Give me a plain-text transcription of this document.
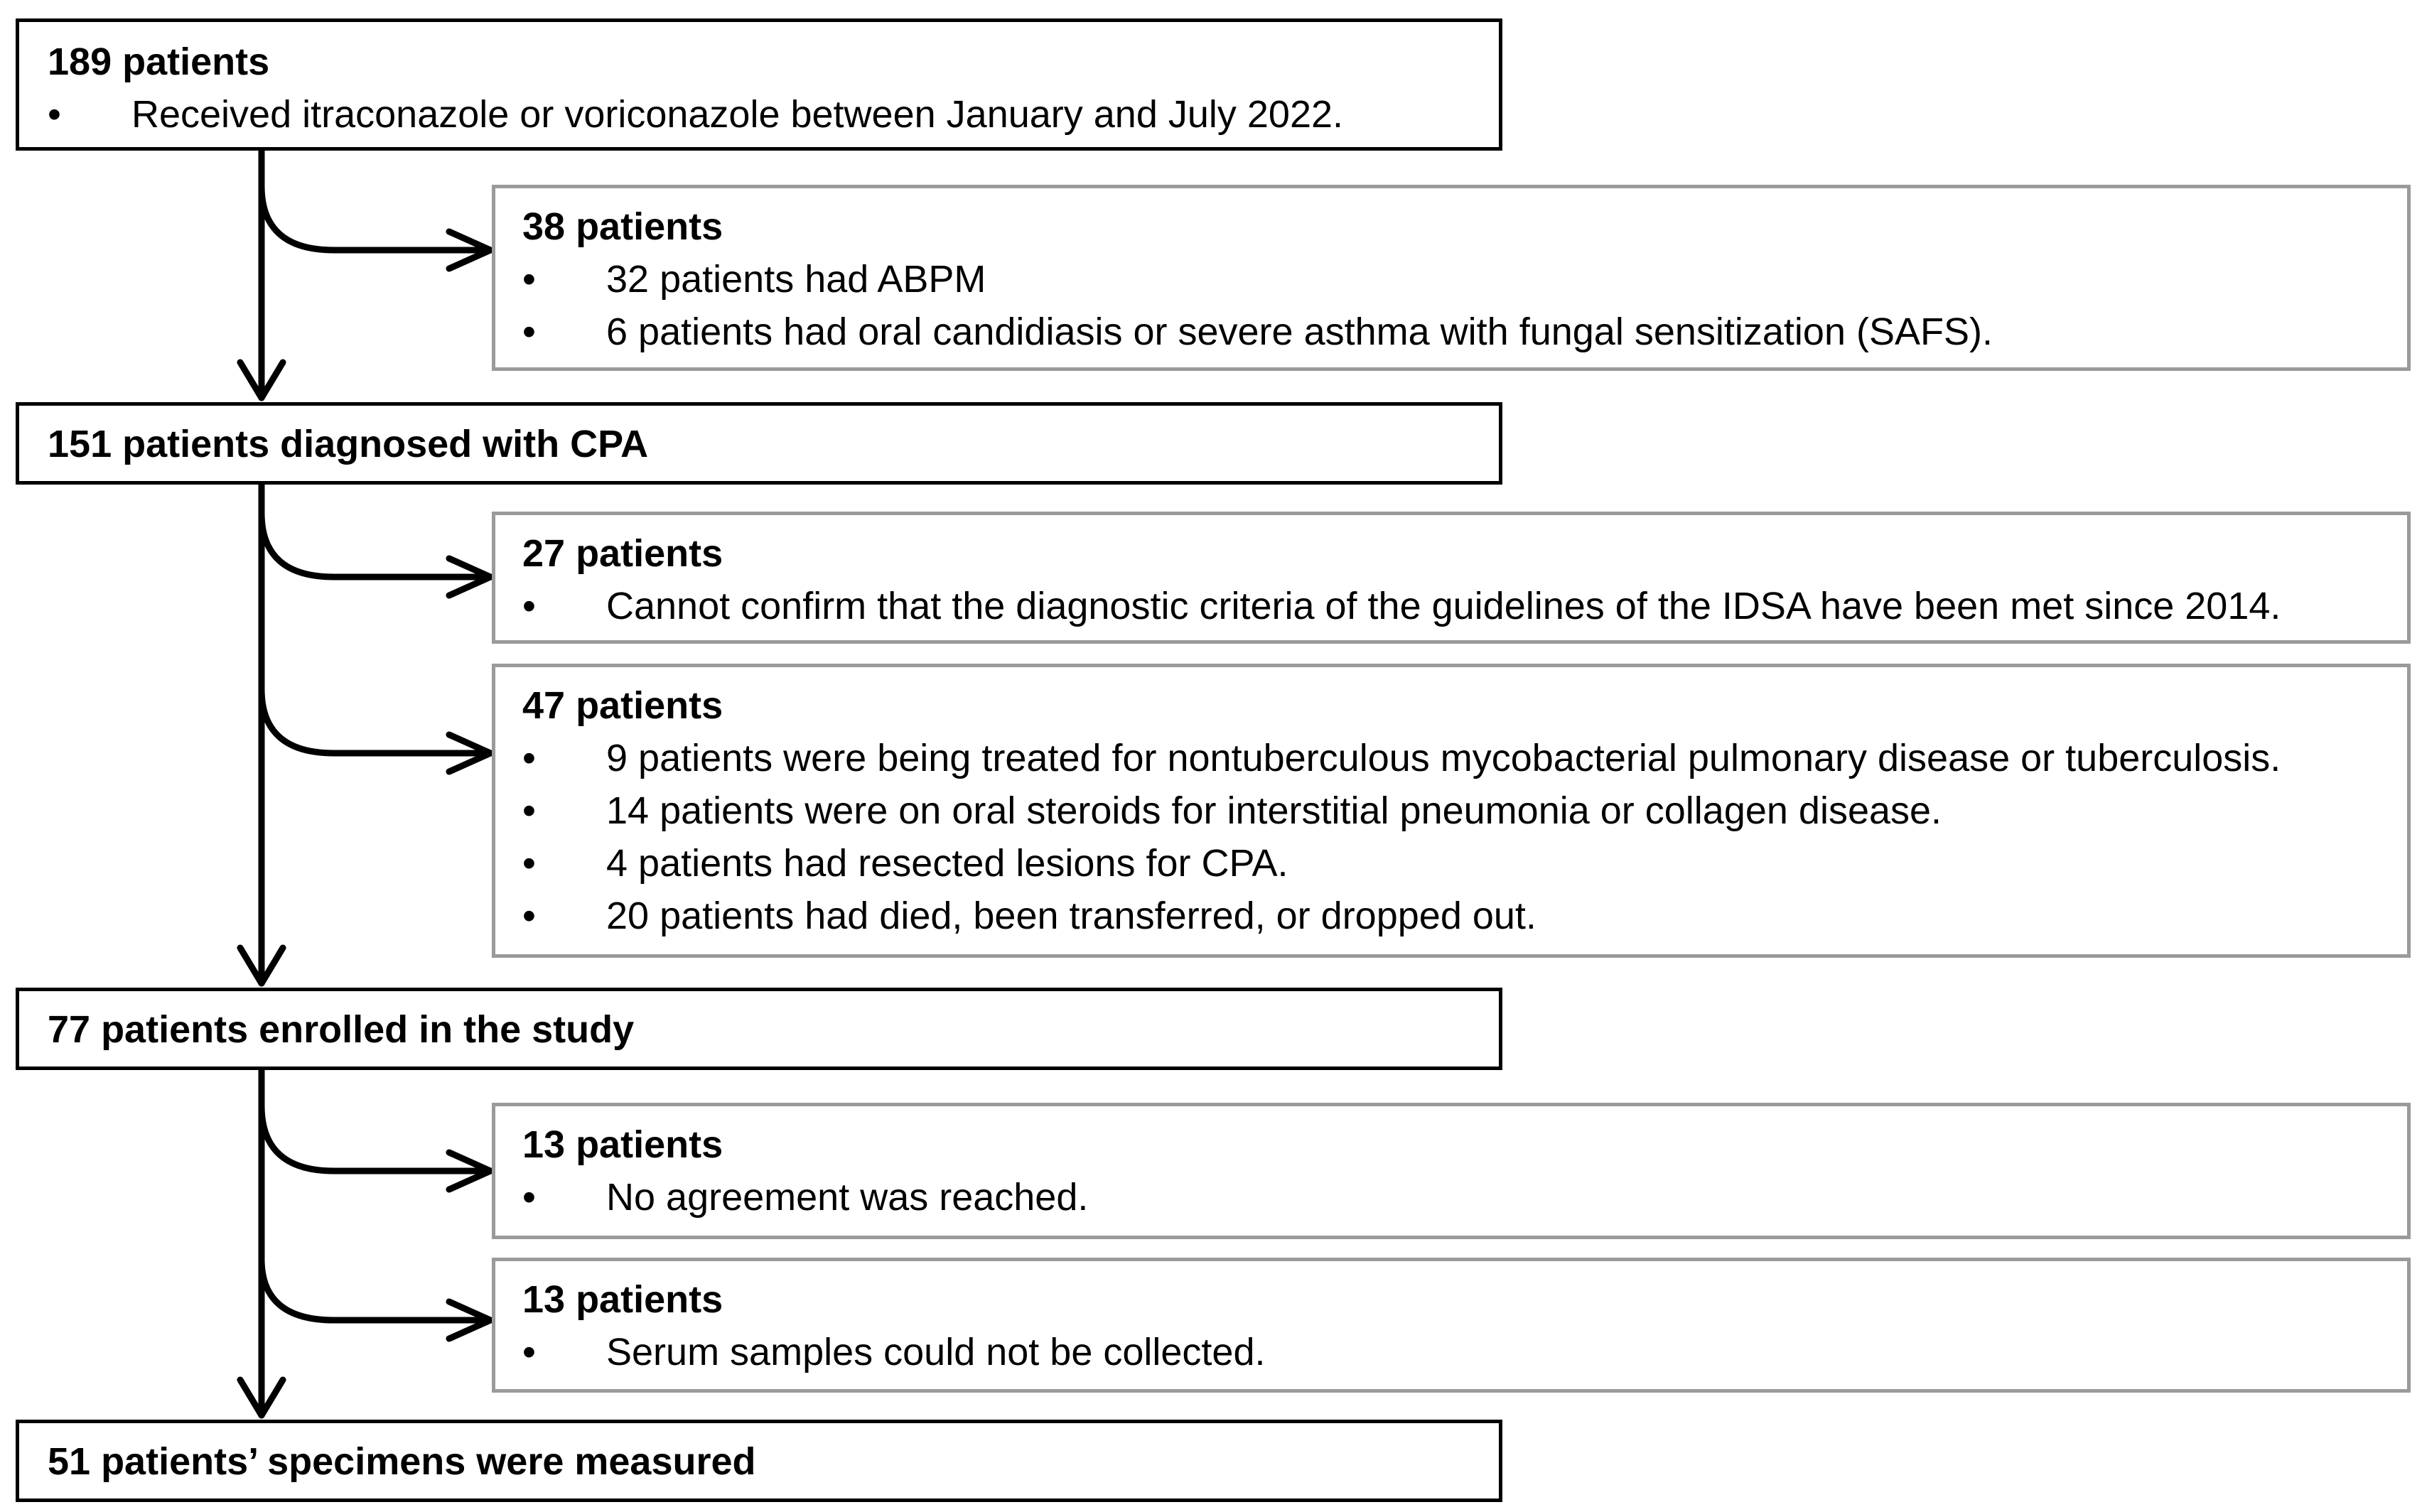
189 patients
• Received itraconazole or voriconazole between January and July 2022.
38 patients
• 32 patients had ABPM
• 6 patients had oral candidiasis or severe asthma with fungal sensitization (SAFS).
151 patients diagnosed with CPA
27 patients
• Cannot confirm that the diagnostic criteria of the guidelines of the IDSA have been met since 2014.
47 patients
• 9 patients were being treated for nontuberculous mycobacterial pulmonary disease or tuberculosis.
• 14 patients were on oral steroids for interstitial pneumonia or collagen disease.
• 4 patients had resected lesions for CPA.
• 20 patients had died, been transferred, or dropped out.
77 patients enrolled in the study
13 patients
• No agreement was reached.
13 patients
• Serum samples could not be collected.
51 patients’ specimens were measured
